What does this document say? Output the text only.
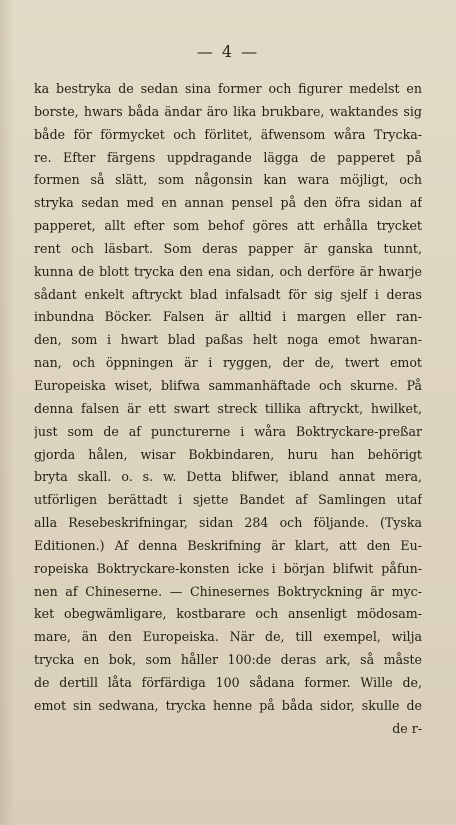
— 4 —
ka bestryka de sedan sina former och figurer medelst en
borste, hwars båda ändar äro lika brukbare, waktandes sig
både för förmycket och förlitet, äfwensom wåra Trycka-
re. Efter färgens uppdragande lägga de papperet på
formen så slätt, som någonsin kan wara möjligt, och
stryka sedan med en annan pensel på den öfra sidan af
papperet, allt efter som behof göres att erhålla trycket
rent och läsbart. Som deras papper är ganska tunnt,
kunna de blott trycka den ena sidan, och derföre är hwarje
sådant enkelt aftryckt blad infalsadt för sig sjelf i deras
inbundna Böcker. Falsen är alltid i margen eller ran-
den, som i hwart blad paßas helt noga emot hwaran-
nan, och öppningen är i ryggen, der de, twert emot
Europeiska wiset, blifwa sammanhäftade och skurne. På
denna falsen är ett swart streck tillika aftryckt, hwilket,
just som de af puncturerne i wåra Boktryckare-preßar
gjorda hålen, wisar Bokbindaren, huru han behörigt
bryta skall. o. s. w. Detta blifwer, ibland annat mera,
utförligen berättadt i sjette Bandet af Samlingen utaf
alla Resebeskrifningar, sidan 284 och följande. (Tyska
Editionen.) Af denna Beskrifning är klart, att den Eu-
ropeiska Boktryckare-konsten icke i början blifwit påfun-
nen af Chineserne. — Chinesernes Boktryckning är myc-
ket obegwämligare, kostbarare och ansenligt mödosam-
mare, än den Europeiska. När de, till exempel, wilja
trycka en bok, som håller 100:de deras ark, så måste
de dertill låta förfärdiga 100 sådana former. Wille de,
emot sin sedwana, trycka henne på båda sidor, skulle de
de r-
